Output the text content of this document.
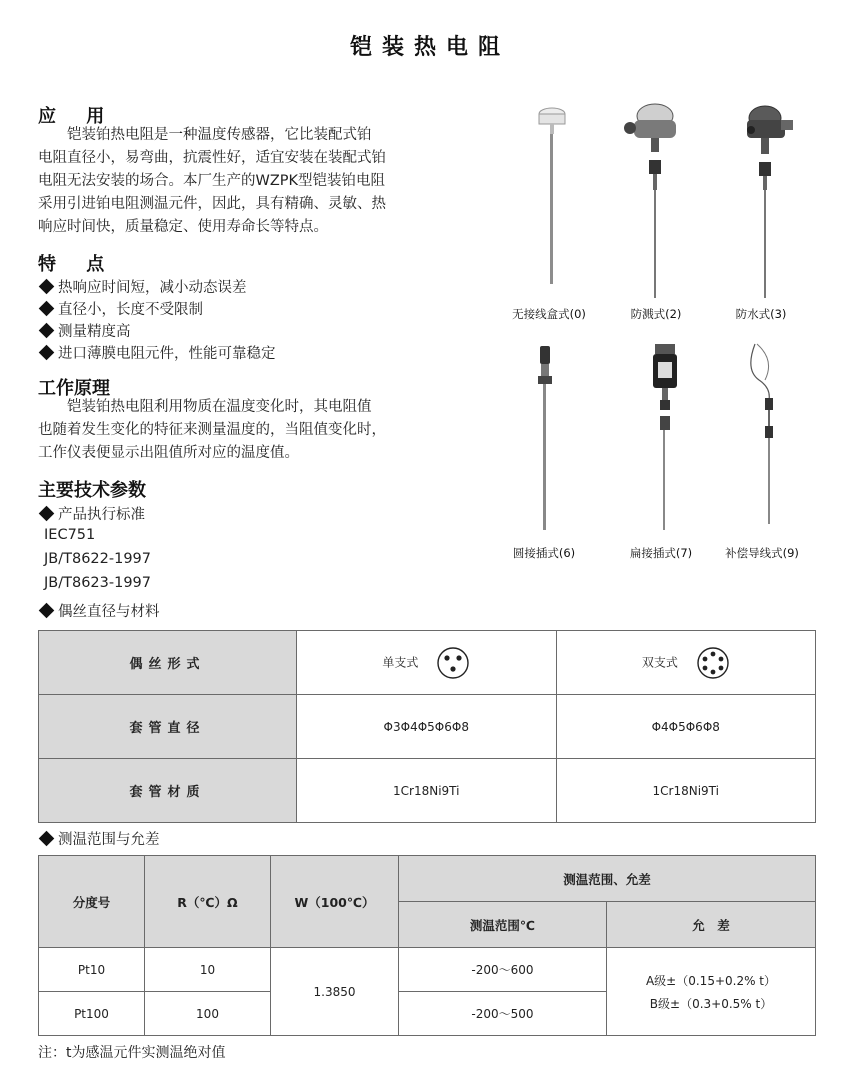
铠装热电阻
应 用
　　铠装铂热电阻是一种温度传感器，它比装配式铂
电阻直径小，易弯曲，抗震性好，适宜安装在装配式铂
电阻无法安装的场合。本厂生产的WZPK型铠装铂电阻
采用引进铂电阻测温元件，因此，具有精确、灵敏、热
响应时间快，质量稳定、使用寿命长等特点。
特 点
热响应时间短，减小动态误差
直径小，长度不受限制
测量精度高
进口薄膜电阻元件，性能可靠稳定
工作原理
　　铠装铂热电阻利用物质在温度变化时，其电阻值
也随着发生变化的特征来测量温度的，当阻值变化时，
工作仪表便显示出阻值所对应的温度值。
主要技术参数
产品执行标准
IEC751
JB/T8622-1997
JB/T8623-1997
偶丝直径与材料
无接线盒式(0)	防溅式(2)	防水式(3)
圆接插式(6)	扁接插式(7)	补偿导线式(9)
偶丝形式	单支式	双支式
套管直径	Φ3Φ4Φ5Φ6Φ8	Φ4Φ5Φ6Φ8
套管材质	1Cr18Ni9Ti	1Cr18Ni9Ti
测温范围与允差
分度号	R（℃）Ω	W（100℃）	测温范围、允差	
			测温范围℃	允　差
Pt10	10	1.3850	-200～600	A级±（0.15+0.2% t）
B级±（0.3+0.5% t）

Pt100	100		-200～500	
注：t为感温元件实测温绝对值
